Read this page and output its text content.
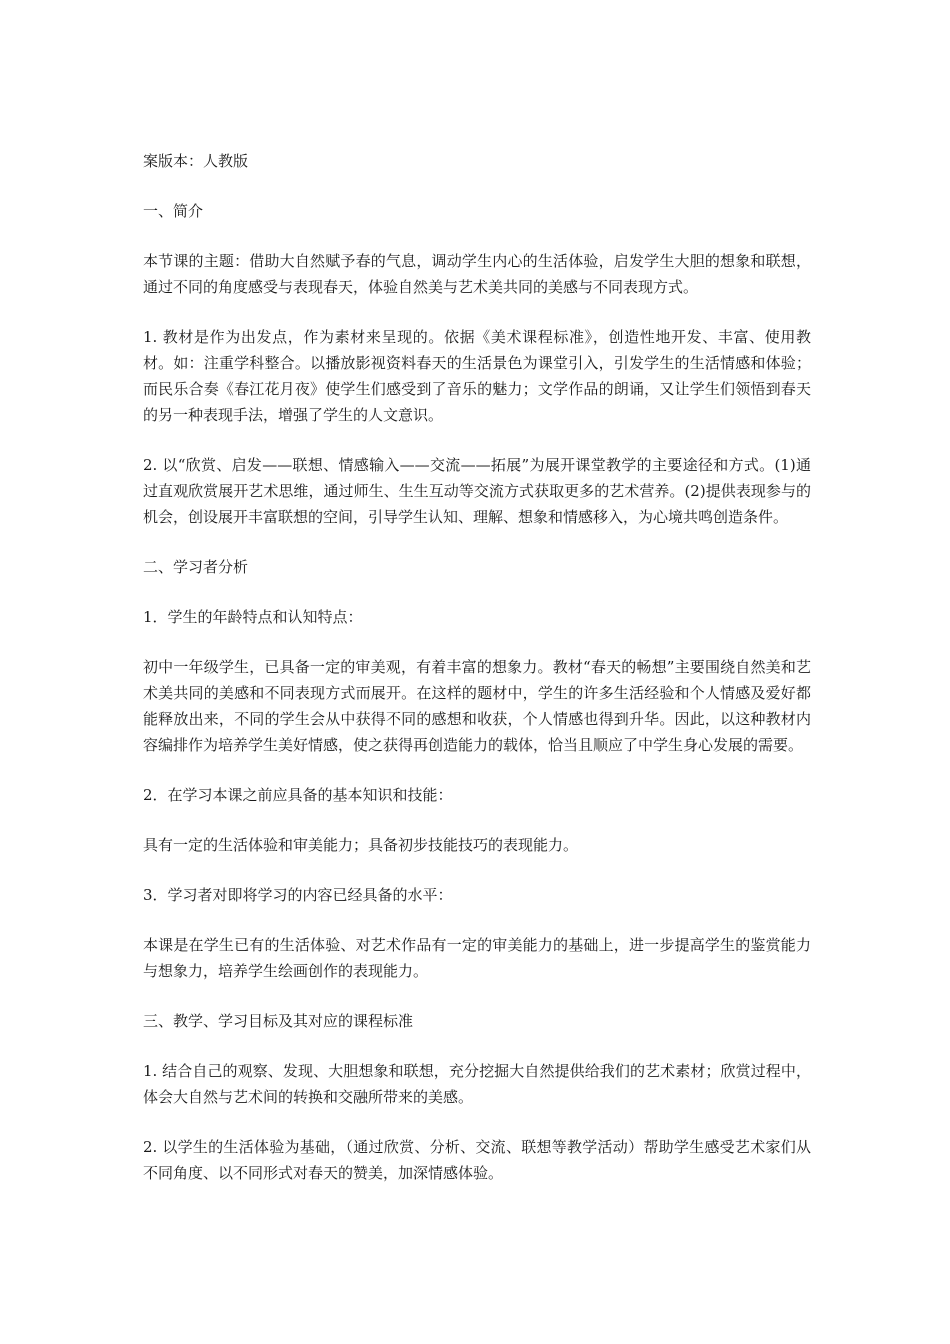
案版本：人教版

一、简介

本节课的主题：借助大自然赋予春的气息，调动学生内心的生活体验，启发学生大胆的想象和联想，通过不同的角度感受与表现春天，体验自然美与艺术美共同的美感与不同表现方式。

1. 教材是作为出发点，作为素材来呈现的。依据《美术课程标准》，创造性地开发、丰富、使用教材。如：注重学科整合。以播放影视资料春天的生活景色为课堂引入，引发学生的生活情感和体验；而民乐合奏《春江花月夜》使学生们感受到了音乐的魅力；文学作品的朗诵，又让学生们领悟到春天的另一种表现手法，增强了学生的人文意识。

2. 以“欣赏、启发——联想、情感输入——交流——拓展”为展开课堂教学的主要途径和方式。(1)通过直观欣赏展开艺术思维，通过师生、生生互动等交流方式获取更多的艺术营养。(2)提供表现参与的机会，创设展开丰富联想的空间，引导学生认知、理解、想象和情感移入，为心境共鸣创造条件。

二、学习者分析

1．学生的年龄特点和认知特点：

初中一年级学生，已具备一定的审美观，有着丰富的想象力。教材“春天的畅想”主要围绕自然美和艺术美共同的美感和不同表现方式而展开。在这样的题材中，学生的许多生活经验和个人情感及爱好都能释放出来，不同的学生会从中获得不同的感想和收获，个人情感也得到升华。因此，以这种教材内容编排作为培养学生美好情感，使之获得再创造能力的载体，恰当且顺应了中学生身心发展的需要。

2．在学习本课之前应具备的基本知识和技能：

具有一定的生活体验和审美能力；具备初步技能技巧的表现能力。

3．学习者对即将学习的内容已经具备的水平：

本课是在学生已有的生活体验、对艺术作品有一定的审美能力的基础上，进一步提高学生的鉴赏能力与想象力，培养学生绘画创作的表现能力。

三、教学、学习目标及其对应的课程标准

1. 结合自己的观察、发现、大胆想象和联想，充分挖掘大自然提供给我们的艺术素材；欣赏过程中，体会大自然与艺术间的转换和交融所带来的美感。

2. 以学生的生活体验为基础，（通过欣赏、分析、交流、联想等教学活动）帮助学生感受艺术家们从不同角度、以不同形式对春天的赞美，加深情感体验。
